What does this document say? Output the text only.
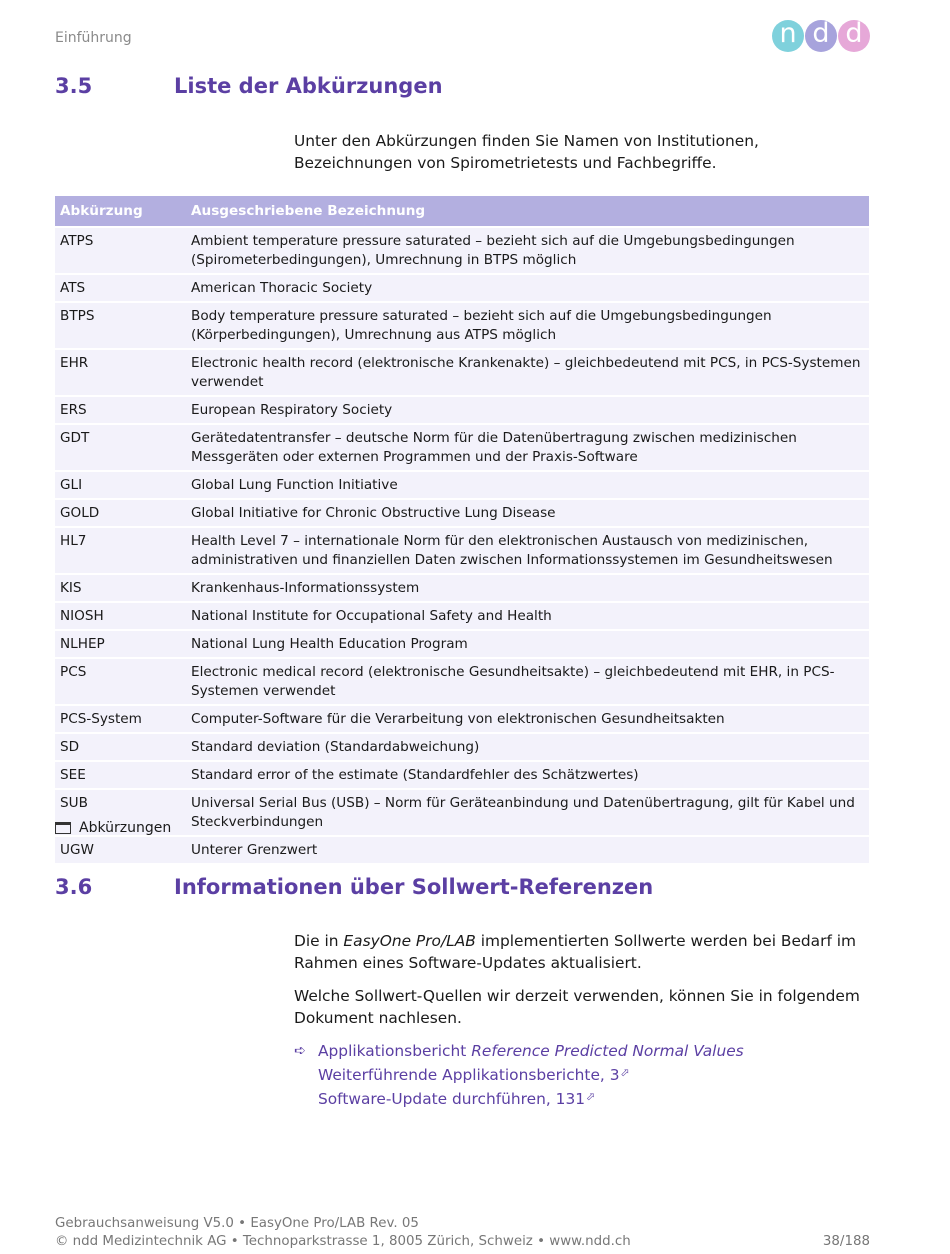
Einführung	n d d
3.5	Liste der Abkürzungen

Unter den Abkürzungen finden Sie Namen von Institutionen, Bezeichnungen von Spirometrietests und Fachbegriffe.

Abkürzung	Ausgeschriebene Bezeichnung
ATPS	Ambient temperature pressure saturated – bezieht sich auf die Umgebungsbedingungen (Spirometerbedingungen), Umrechnung in BTPS möglich
ATS	American Thoracic Society
BTPS	Body temperature pressure saturated – bezieht sich auf die Umgebungsbedingungen (Körperbedingungen), Umrechnung aus ATPS möglich
EHR	Electronic health record (elektronische Krankenakte) – gleichbedeutend mit PCS, in PCS-Systemen verwendet
ERS	European Respiratory Society
GDT	Gerätedatentransfer – deutsche Norm für die Datenübertragung zwischen medizinischen Messgeräten oder externen Programmen und der Praxis-Software
GLI	Global Lung Function Initiative
GOLD	Global Initiative for Chronic Obstructive Lung Disease
HL7	Health Level 7 – internationale Norm für den elektronischen Austausch von medizinischen, administrativen und finanziellen Daten zwischen Informationssystemen im Gesundheitswesen
KIS	Krankenhaus-Informationssystem
NIOSH	National Institute for Occupational Safety and Health
NLHEP	National Lung Health Education Program
PCS	Electronic medical record (elektronische Gesundheitsakte) – gleichbedeutend mit EHR, in PCS-Systemen verwendet
PCS-System	Computer-Software für die Verarbeitung von elektronischen Gesundheitsakten
SD	Standard deviation (Standardabweichung)
SEE	Standard error of the estimate (Standardfehler des Schätzwertes)
SUB	Universal Serial Bus (USB) – Norm für Geräteanbindung und Datenübertragung, gilt für Kabel und Steckverbindungen
UGW	Unterer Grenzwert
Abkürzungen
3.6	Informationen über Sollwert-Referenzen

Die in EasyOne Pro/LAB implementierten Sollwerte werden bei Bedarf im Rahmen eines Software-Updates aktualisiert.

Welche Sollwert-Quellen wir derzeit verwenden, können Sie in folgendem Dokument nachlesen.

➪ Applikationsbericht Reference Predicted Normal Values
Weiterführende Applikationsberichte, 3⬀
Software-Update durchführen, 131⬀
Gebrauchsanweisung V5.0 • EasyOne Pro/LAB Rev. 05
© ndd Medizintechnik AG • Technoparkstrasse 1, 8005 Zürich, Schweiz • www.ndd.ch	38/188
